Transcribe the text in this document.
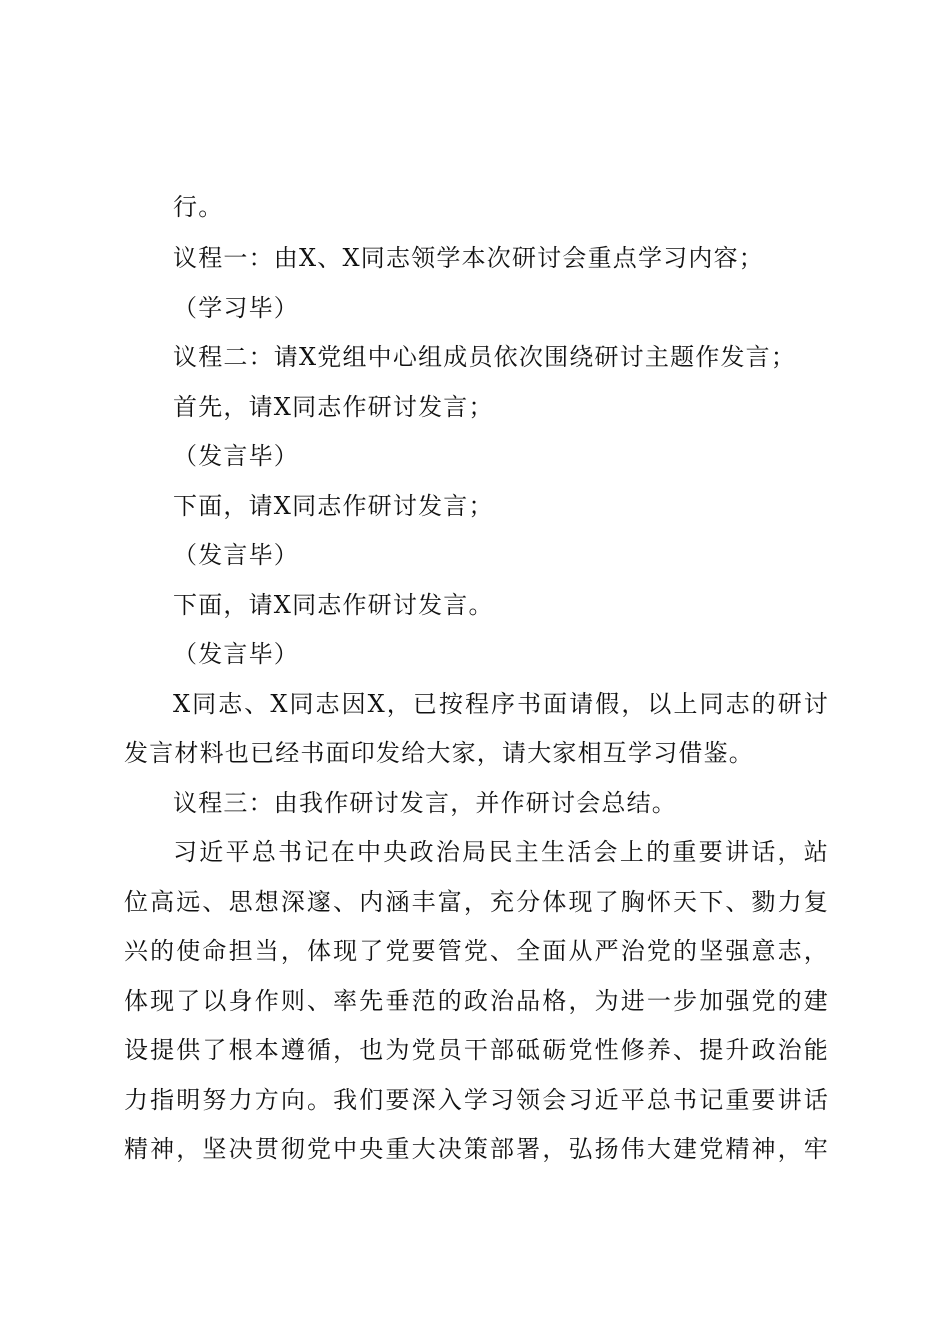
行。
议程一：由X、X同志领学本次研讨会重点学习内容；
（学习毕）
议程二：请X党组中心组成员依次围绕研讨主题作发言；
首先，请X同志作研讨发言；
（发言毕）
下面，请X同志作研讨发言；
（发言毕）
下面，请X同志作研讨发言。
（发言毕）
X同志、X同志因X，已按程序书面请假，以上同志的研讨
发言材料也已经书面印发给大家，请大家相互学习借鉴。
议程三：由我作研讨发言，并作研讨会总结。
习近平总书记在中央政治局民主生活会上的重要讲话，站
位高远、思想深邃、内涵丰富，充分体现了胸怀天下、勠力复
兴的使命担当，体现了党要管党、全面从严治党的坚强意志，
体现了以身作则、率先垂范的政治品格，为进一步加强党的建
设提供了根本遵循，也为党员干部砥砺党性修养、提升政治能
力指明努力方向。我们要深入学习领会习近平总书记重要讲话
精神，坚决贯彻党中央重大决策部署，弘扬伟大建党精神，牢
